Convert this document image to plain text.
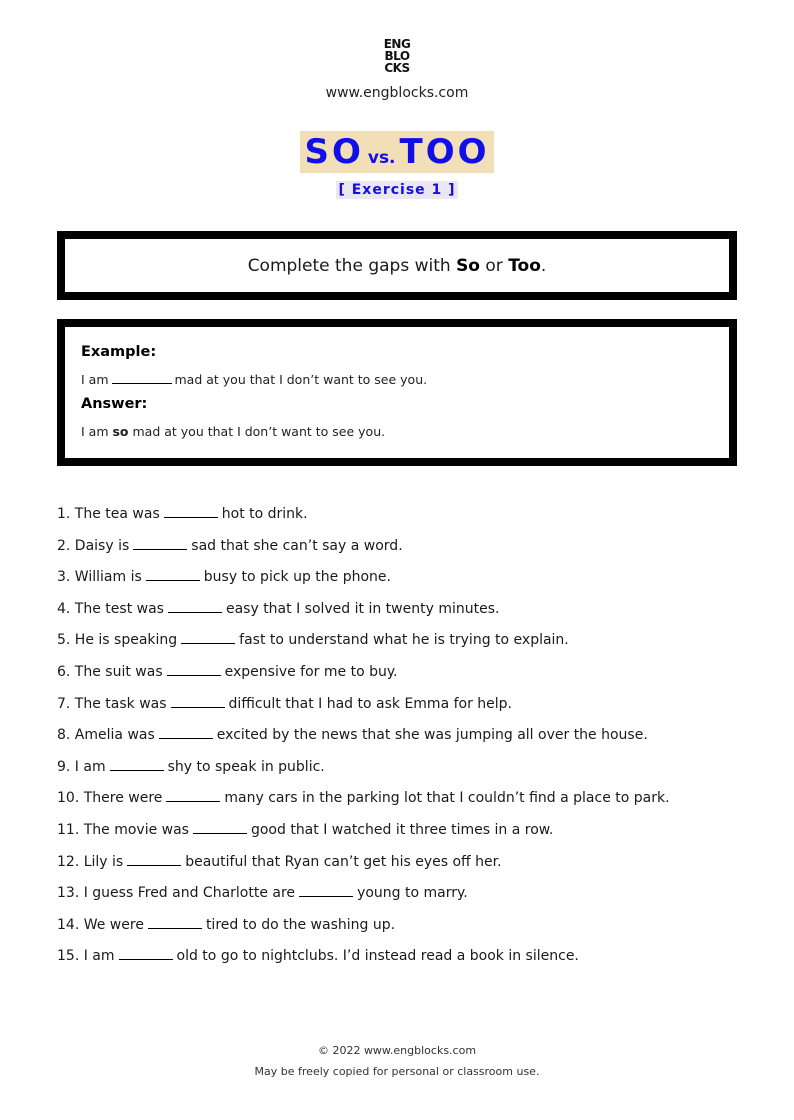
ENG
BLO
CKS
www.engblocks.com
SO vs. TOO
[ Exercise 1 ]
Complete the gaps with So or Too.
Example:
I am	mad at you that I don’t want to see you.
Answer:
I am so mad at you that I don’t want to see you.
1. The tea was	hot to drink.
2. Daisy is	sad that she can’t say a word.
3. William is	busy to pick up the phone.
4. The test was	easy that I solved it in twenty minutes.
5. He is speaking	fast to understand what he is trying to explain.
6. The suit was	expensive for me to buy.
7. The task was	difficult that I had to ask Emma for help.
8. Amelia was	excited by the news that she was jumping all over the house.
9. I am	shy to speak in public.
10. There were	many cars in the parking lot that I couldn’t find a place to park.
11. The movie was	good that I watched it three times in a row.
12. Lily is	beautiful that Ryan can’t get his eyes off her.
13. I guess Fred and Charlotte are	young to marry.
14. We were	tired to do the washing up.
15. I am	old to go to nightclubs. I’d instead read a book in silence.
© 2022 www.engblocks.com
May be freely copied for personal or classroom use.
